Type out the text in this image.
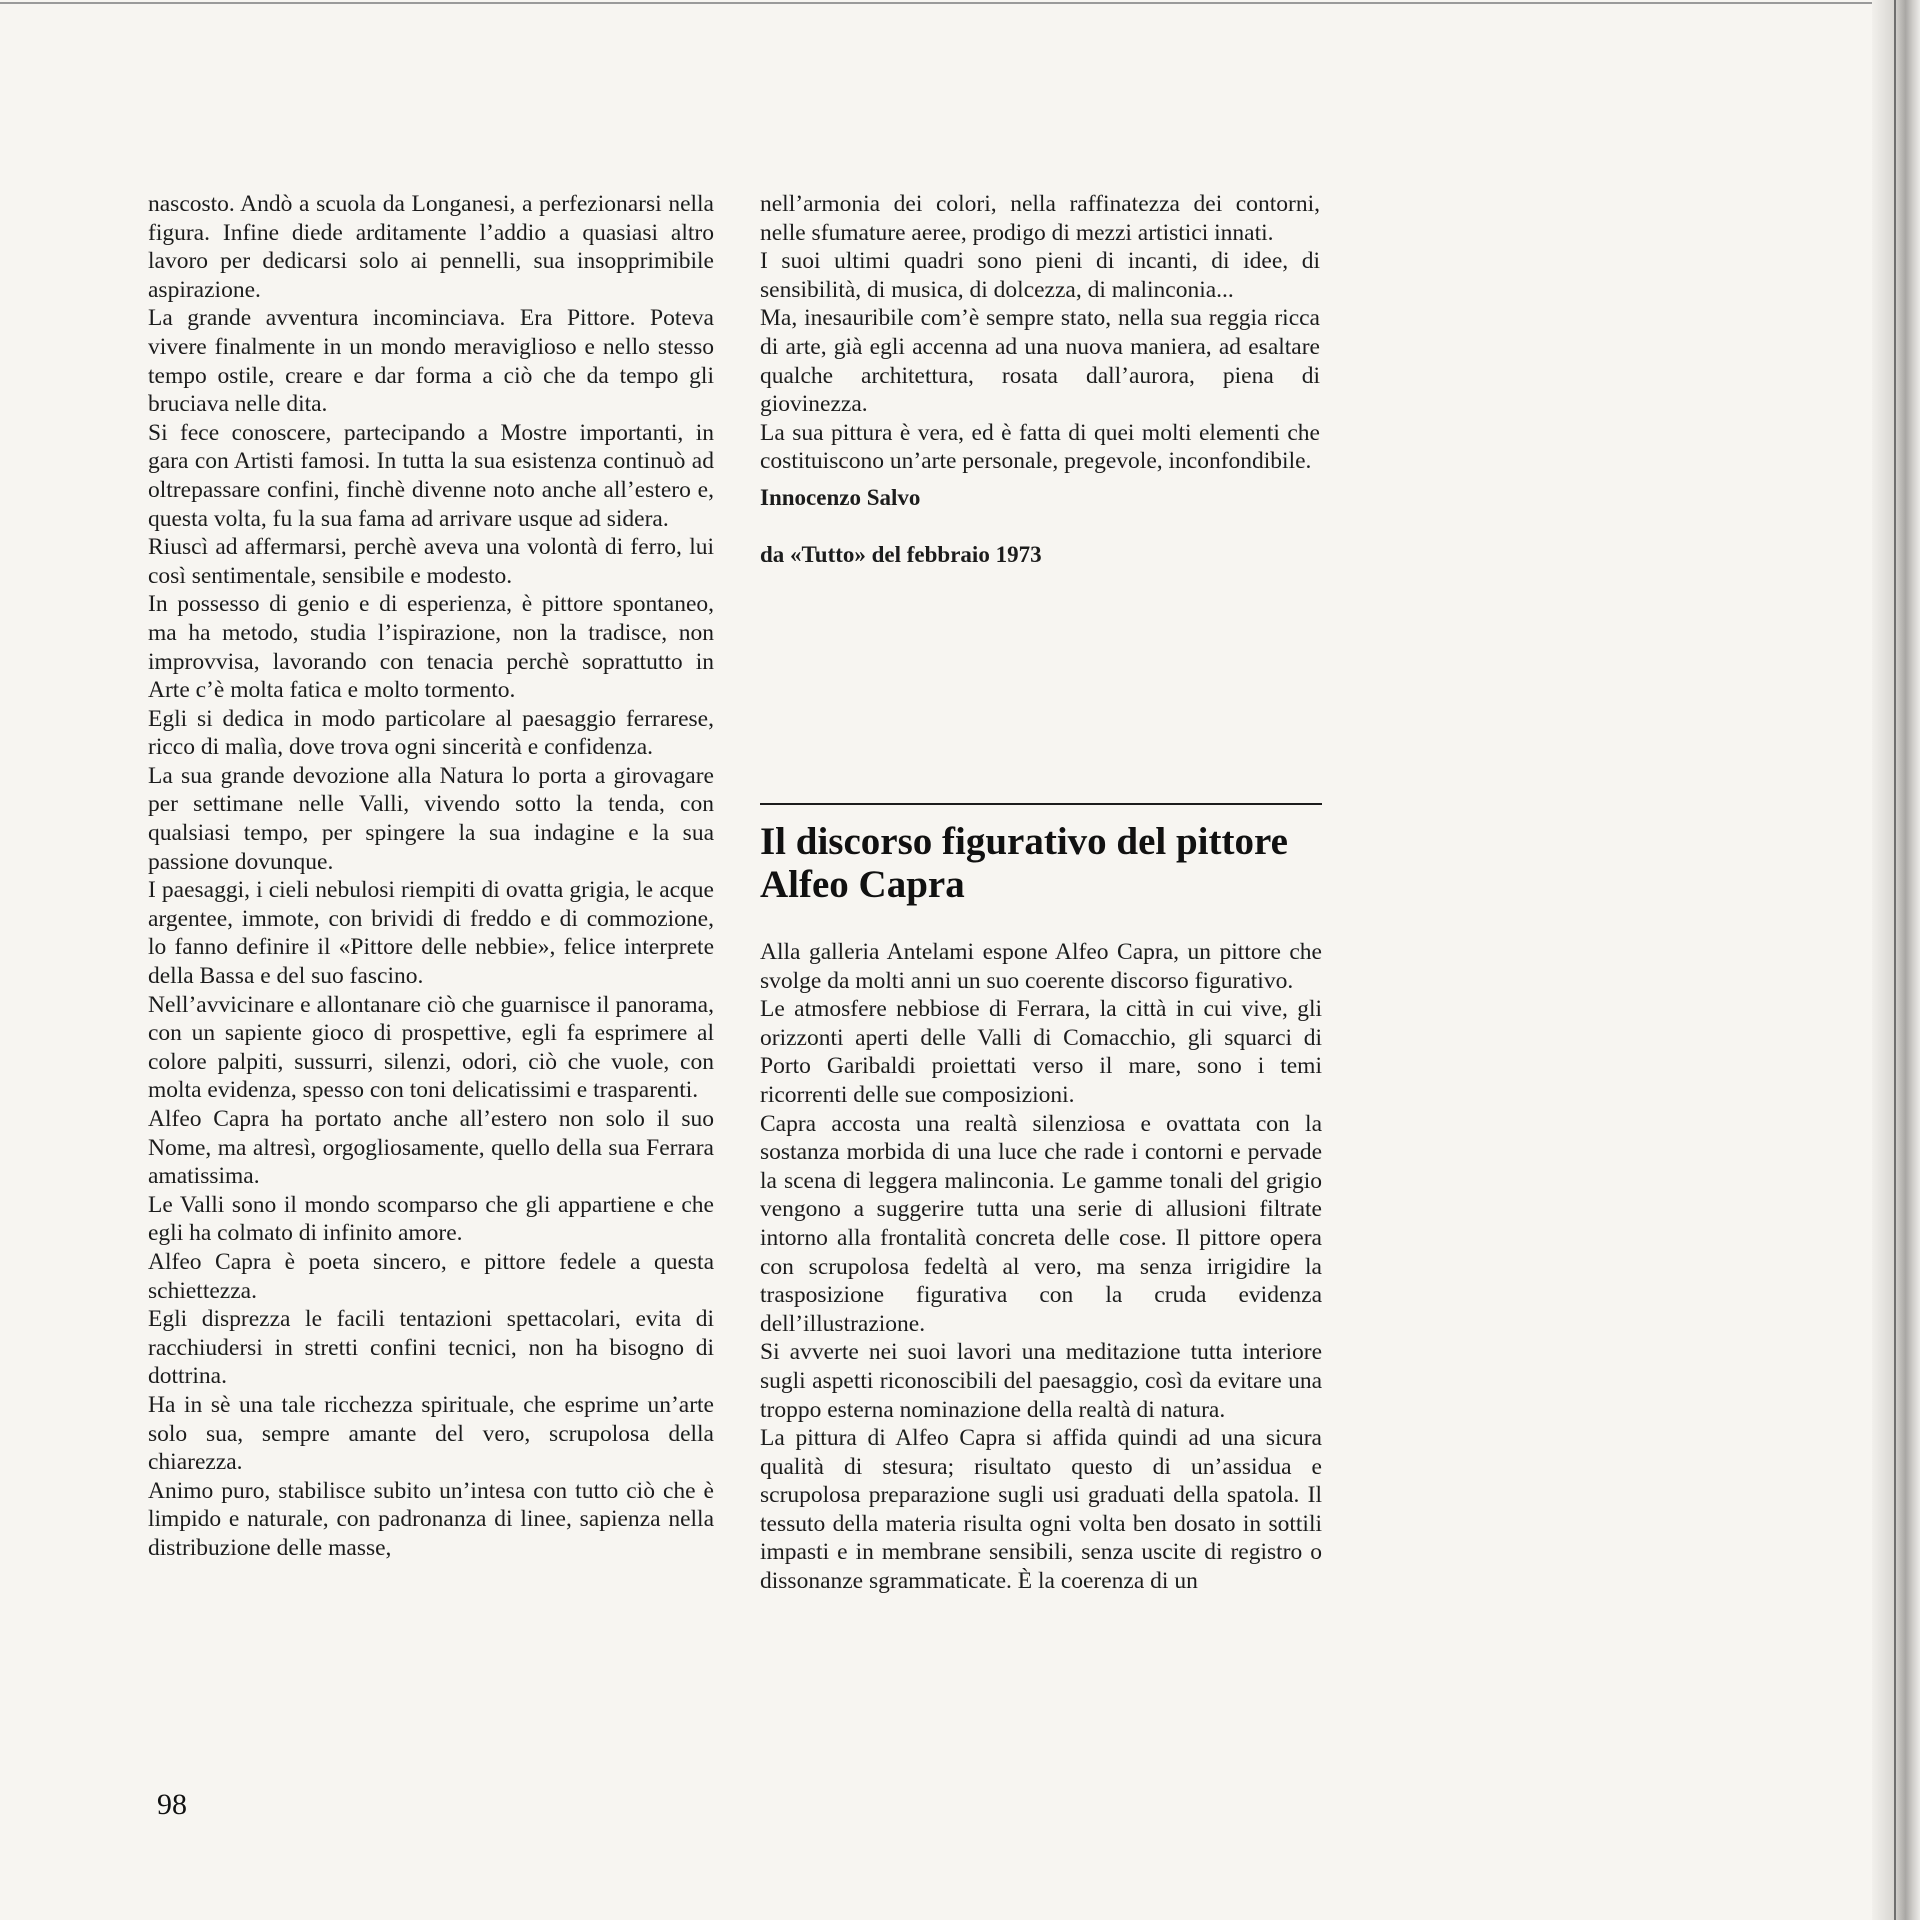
nascosto. Andò a scuola da Longanesi, a perfezionarsi nella figura. Infine diede arditamente l’addio a quasiasi altro lavoro per dedicarsi solo ai pennelli, sua insopprimibile aspirazione.

La grande avventura incominciava. Era Pittore. Poteva vivere finalmente in un mondo meraviglioso e nello stesso tempo ostile, creare e dar forma a ciò che da tempo gli bruciava nelle dita.

Si fece conoscere, partecipando a Mostre importanti, in gara con Artisti famosi. In tutta la sua esistenza continuò ad oltrepassare confini, finchè divenne noto anche all’estero e, questa volta, fu la sua fama ad arrivare usque ad sidera.

Riuscì ad affermarsi, perchè aveva una volontà di ferro, lui così sentimentale, sensibile e modesto.

In possesso di genio e di esperienza, è pittore spontaneo, ma ha metodo, studia l’ispirazione, non la tradisce, non improvvisa, lavorando con tenacia perchè soprattutto in Arte c’è molta fatica e molto tormento.

Egli si dedica in modo particolare al paesaggio ferrarese, ricco di malìa, dove trova ogni sincerità e confidenza.

La sua grande devozione alla Natura lo porta a girovagare per settimane nelle Valli, vivendo sotto la tenda, con qualsiasi tempo, per spingere la sua indagine e la sua passione dovunque.

I paesaggi, i cieli nebulosi riempiti di ovatta grigia, le acque argentee, immote, con brividi di freddo e di commozione, lo fanno definire il «Pittore delle nebbie», felice interprete della Bassa e del suo fascino.

Nell’avvicinare e allontanare ciò che guarnisce il panorama, con un sapiente gioco di prospettive, egli fa esprimere al colore palpiti, sussurri, silenzi, odori, ciò che vuole, con molta evidenza, spesso con toni delicatissimi e trasparenti.

Alfeo Capra ha portato anche all’estero non solo il suo Nome, ma altresì, orgogliosamente, quello della sua Ferrara amatissima.

Le Valli sono il mondo scomparso che gli appartiene e che egli ha colmato di infinito amore.

Alfeo Capra è poeta sincero, e pittore fedele a questa schiettezza.

Egli disprezza le facili tentazioni spettacolari, evita di racchiudersi in stretti confini tecnici, non ha bisogno di dottrina.

Ha in sè una tale ricchezza spirituale, che esprime un’arte solo sua, sempre amante del vero, scrupolosa della chiarezza.

Animo puro, stabilisce subito un’intesa con tutto ciò che è limpido e naturale, con padronanza di linee, sapienza nella distribuzione delle masse,

nell’armonia dei colori, nella raffinatezza dei contorni, nelle sfumature aeree, prodigo di mezzi artistici innati.

I suoi ultimi quadri sono pieni di incanti, di idee, di sensibilità, di musica, di dolcezza, di malinconia...

Ma, inesauribile com’è sempre stato, nella sua reggia ricca di arte, già egli accenna ad una nuova maniera, ad esaltare qualche architettura, rosata dall’aurora, piena di giovinezza.

La sua pittura è vera, ed è fatta di quei molti elementi che costituiscono un’arte personale, pregevole, inconfondibile.

Innocenzo Salvo

da «Tutto» del febbraio 1973

Il discorso figurativo del pittore Alfeo Capra

Alla galleria Antelami espone Alfeo Capra, un pittore che svolge da molti anni un suo coerente discorso figurativo.

Le atmosfere nebbiose di Ferrara, la città in cui vive, gli orizzonti aperti delle Valli di Comacchio, gli squarci di Porto Garibaldi proiettati verso il mare, sono i temi ricorrenti delle sue composizioni.

Capra accosta una realtà silenziosa e ovattata con la sostanza morbida di una luce che rade i contorni e pervade la scena di leggera malinconia. Le gamme tonali del grigio vengono a suggerire tutta una serie di allusioni filtrate intorno alla frontalità concreta delle cose. Il pittore opera con scrupolosa fedeltà al vero, ma senza irrigidire la trasposizione figurativa con la cruda evidenza dell’illustrazione.

Si avverte nei suoi lavori una meditazione tutta interiore sugli aspetti riconoscibili del paesaggio, così da evitare una troppo esterna nominazione della realtà di natura.

La pittura di Alfeo Capra si affida quindi ad una sicura qualità di stesura; risultato questo di un’assidua e scrupolosa preparazione sugli usi graduati della spatola. Il tessuto della materia risulta ogni volta ben dosato in sottili impasti e in membrane sensibili, senza uscite di registro o dissonanze sgrammaticate. È la coerenza di un

98
